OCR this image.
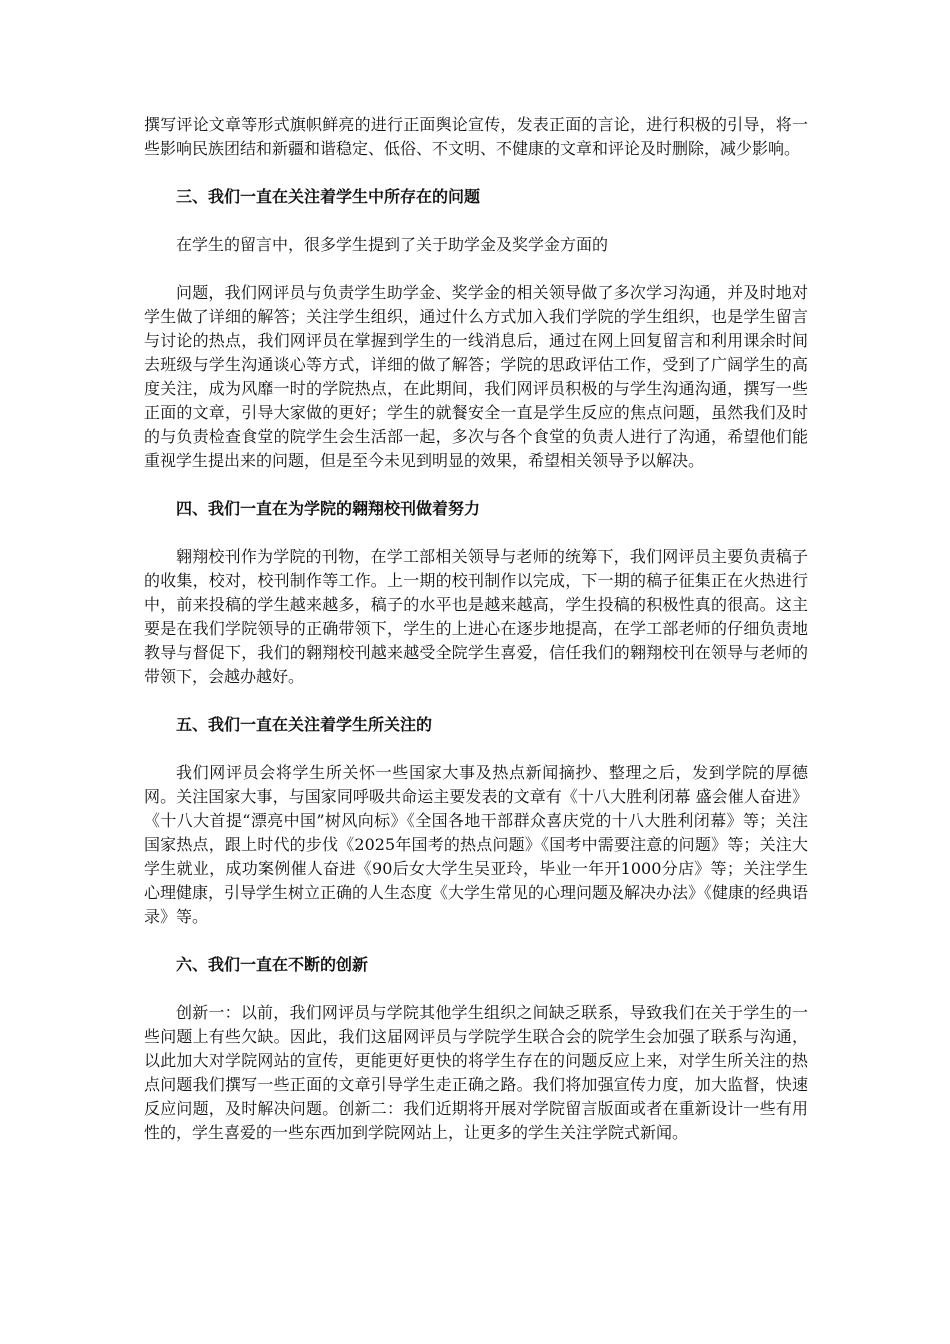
撰写评论文章等形式旗帜鲜亮的进行正面舆论宣传，发表正面的言论，进行积极的引导，将一些影响民族团结和新疆和谐稳定、低俗、不文明、不健康的文章和评论及时删除，减少影响。

三、我们一直在关注着学生中所存在的问题

在学生的留言中，很多学生提到了关于助学金及奖学金方面的

问题，我们网评员与负责学生助学金、奖学金的相关领导做了多次学习沟通，并及时地对学生做了详细的解答；关注学生组织，通过什么方式加入我们学院的学生组织，也是学生留言与讨论的热点，我们网评员在掌握到学生的一线消息后，通过在网上回复留言和利用课余时间去班级与学生沟通谈心等方式，详细的做了解答；学院的思政评估工作，受到了广阔学生的高度关注，成为风靡一时的学院热点，在此期间，我们网评员积极的与学生沟通沟通，撰写一些正面的文章，引导大家做的更好；学生的就餐安全一直是学生反应的焦点问题，虽然我们及时的与负责检查食堂的院学生会生活部一起，多次与各个食堂的负责人进行了沟通，希望他们能重视学生提出来的问题，但是至今未见到明显的效果，希望相关领导予以解决。

四、我们一直在为学院的翱翔校刊做着努力

翱翔校刊作为学院的刊物，在学工部相关领导与老师的统筹下，我们网评员主要负责稿子的收集，校对，校刊制作等工作。上一期的校刊制作以完成，下一期的稿子征集正在火热进行中，前来投稿的学生越来越多，稿子的水平也是越来越高，学生投稿的积极性真的很高。这主要是在我们学院领导的正确带领下，学生的上进心在逐步地提高，在学工部老师的仔细负责地教导与督促下，我们的翱翔校刊越来越受全院学生喜爱，信任我们的翱翔校刊在领导与老师的带领下，会越办越好。

五、我们一直在关注着学生所关注的

我们网评员会将学生所关怀一些国家大事及热点新闻摘抄、整理之后，发到学院的厚德网。关注国家大事，与国家同呼吸共命运主要发表的文章有《十八大胜利闭幕 盛会催人奋进》《十八大首提“漂亮中国”树风向标》《全国各地干部群众喜庆党的十八大胜利闭幕》等；关注国家热点，跟上时代的步伐《2025年国考的热点问题》《国考中需要注意的问题》等；关注大学生就业，成功案例催人奋进《90后女大学生吴亚玲，毕业一年开1000分店》等；关注学生心理健康，引导学生树立正确的人生态度《大学生常见的心理问题及解决办法》《健康的经典语录》等。

六、我们一直在不断的创新

创新一：以前，我们网评员与学院其他学生组织之间缺乏联系，导致我们在关于学生的一些问题上有些欠缺。因此，我们这届网评员与学院学生联合会的院学生会加强了联系与沟通，以此加大对学院网站的宣传，更能更好更快的将学生存在的问题反应上来，对学生所关注的热点问题我们撰写一些正面的文章引导学生走正确之路。我们将加强宣传力度，加大监督，快速反应问题，及时解决问题。创新二：我们近期将开展对学院留言版面或者在重新设计一些有用性的，学生喜爱的一些东西加到学院网站上，让更多的学生关注学院式新闻。
